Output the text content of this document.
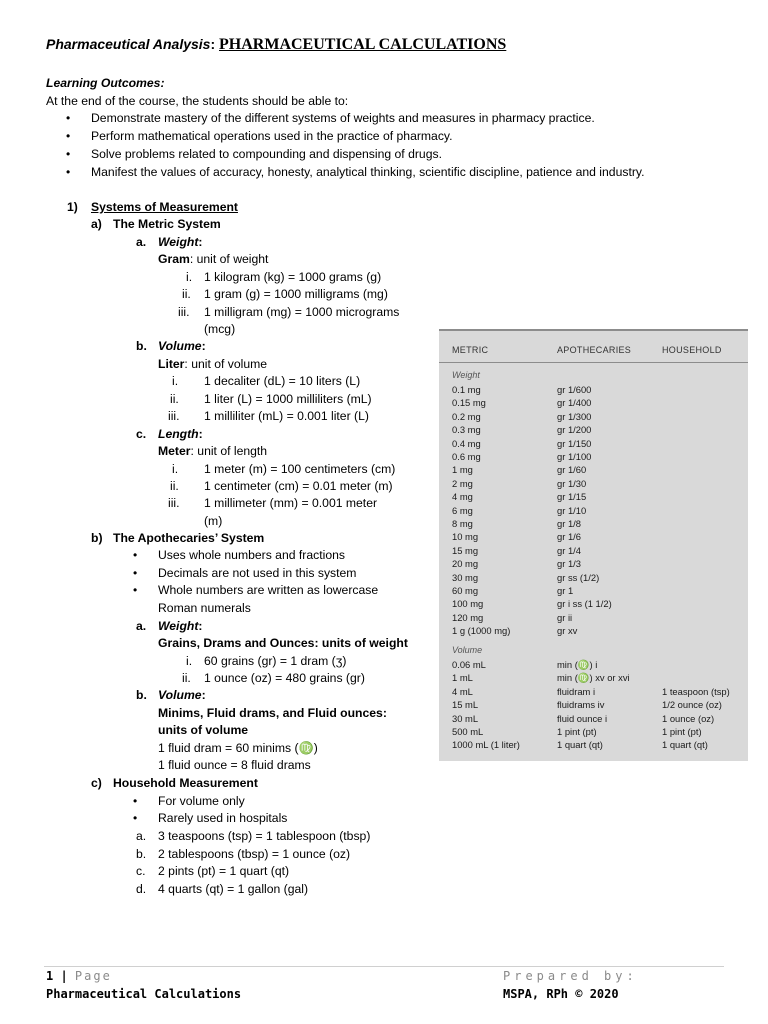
Pharmaceutical Analysis: PHARMACEUTICAL CALCULATIONS
Learning Outcomes:
At the end of the course, the students should be able to:
• Demonstrate mastery of the different systems of weights and measures in pharmacy practice.
• Perform mathematical operations used in the practice of pharmacy.
• Solve problems related to compounding and dispensing of drugs.
• Manifest the values of accuracy, honesty, analytical thinking, scientific discipline, patience and industry.
1) Systems of Measurement
a) The Metric System
a. Weight:
Gram: unit of weight
i. 1 kilogram (kg) = 1000 grams (g)
ii. 1 gram (g) = 1000 milligrams (mg)
iii. 1 milligram (mg) = 1000 micrograms
(mcg)
b. Volume:
Liter: unit of volume
i. 1 decaliter (dL) = 10 liters (L)
ii. 1 liter (L) = 1000 milliliters (mL)
iii. 1 milliliter (mL) = 0.001 liter (L)
c. Length:
Meter: unit of length
i. 1 meter (m) = 100 centimeters (cm)
ii. 1 centimeter (cm) = 0.01 meter (m)
iii. 1 millimeter (mm) = 0.001 meter
(m)
b) The Apothecaries’ System
• Uses whole numbers and fractions
• Decimals are not used in this system
• Whole numbers are written as lowercase
Roman numerals
a. Weight:
Grains, Drams and Ounces: units of weight
i. 60 grains (gr) = 1 dram (ʒ)
ii. 1 ounce (oz) = 480 grains (gr)
b. Volume:
Minims, Fluid drams, and Fluid ounces:
units of volume
1 fluid dram = 60 minims (♍)
1 fluid ounce = 8 fluid drams
c) Household Measurement
• For volume only
• Rarely used in hospitals
a. 3 teaspoons (tsp) = 1 tablespoon (tbsp)
b. 2 tablespoons (tbsp) = 1 ounce (oz)
c. 2 pints (pt) = 1 quart (qt)
d. 4 quarts (qt) = 1 gallon (gal)
METRIC	APOTHECARIES	HOUSEHOLD
Weight
0.1 mg	gr 1/600
0.15 mg	gr 1/400
0.2 mg	gr 1/300
0.3 mg	gr 1/200
0.4 mg	gr 1/150
0.6 mg	gr 1/100
1 mg	gr 1/60
2 mg	gr 1/30
4 mg	gr 1/15
6 mg	gr 1/10
8 mg	gr 1/8
10 mg	gr 1/6
15 mg	gr 1/4
20 mg	gr 1/3
30 mg	gr ss (1/2)
60 mg	gr 1
100 mg	gr i ss (1 1/2)
120 mg	gr ii
1 g (1000 mg)	gr xv
Volume
0.06 mL	min (♍) i
1 mL	min (♍) xv or xvi
4 mL	fluidram i	1 teaspoon (tsp)
15 mL	fluidrams iv	1/2 ounce (oz)
30 mL	fluid ounce i	1 ounce (oz)
500 mL	1 pint (pt)	1 pint (pt)
1000 mL (1 liter)	1 quart (qt)	1 quart (qt)
1 | Page
Pharmaceutical Calculations
Prepared by:
MSPA, RPh © 2020
